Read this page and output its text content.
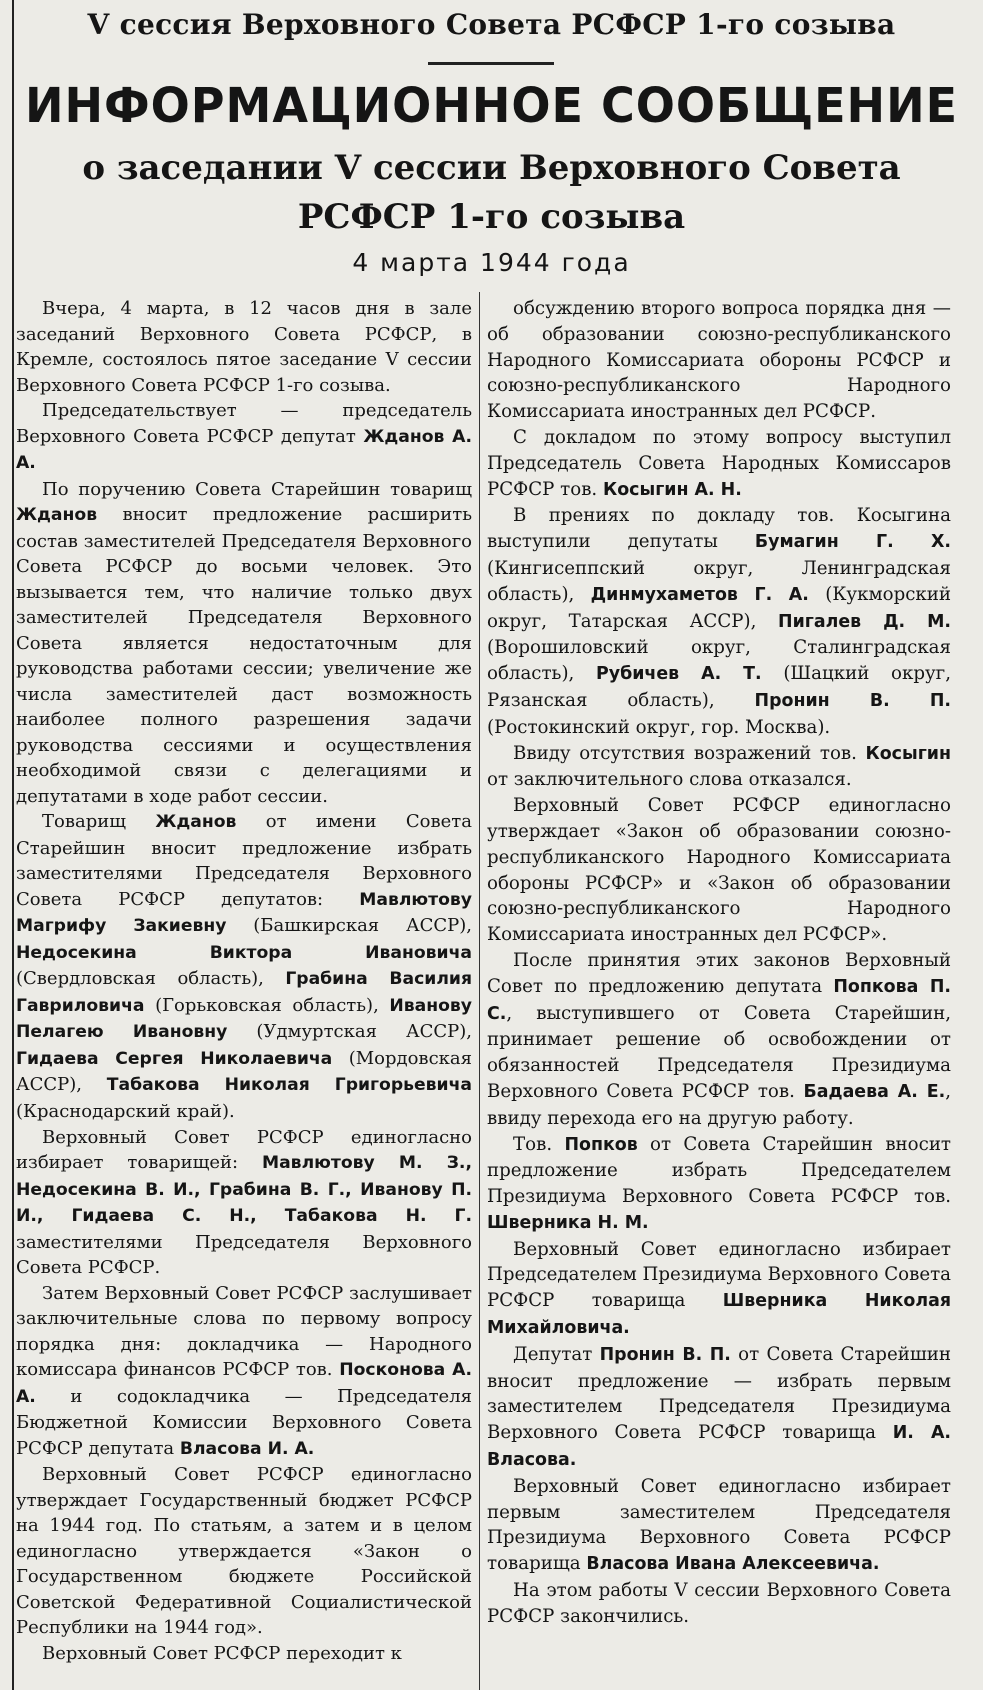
V сессия Верховного Совета РСФСР 1-го созыва
ИНФОРМАЦИОННОЕ СООБЩЕНИЕ
о заседании V сессии Верховного Совета
РСФСР 1-го созыва
4 марта 1944 года

Вчера, 4 марта, в 12 часов дня в зале заседаний Верховного Совета РСФСР, в Кремле, состоялось пятое заседание V сессии Верховного Совета РСФСР 1-го созыва.

Председательствует — председатель Верховного Совета РСФСР депутат Жданов А. А.

По поручению Совета Старейшин товарищ Жданов вносит предложение расширить состав заместителей Председателя Верховного Совета РСФСР до восьми человек. Это вызывается тем, что наличие только двух заместителей Председателя Верховного Совета является недостаточным для руководства работами сессии; увеличение же числа заместителей даст возможность наиболее полного разрешения задачи руководства сессиями и осуществления необходимой связи с делегациями и депутатами в ходе работ сессии.

Товарищ Жданов от имени Совета Старейшин вносит предложение избрать заместителями Председателя Верховного Совета РСФСР депутатов: Мавлютову Магрифу Закиевну (Башкирская АССР), Недосекина Виктора Ивановича (Свердловская область), Грабина Василия Гавриловича (Горьковская область), Иванову Пелагею Ивановну (Удмуртская АССР), Гидаева Сергея Николаевича (Мордовская АССР), Табакова Николая Григорьевича (Краснодарский край).

Верховный Совет РСФСР единогласно избирает товарищей: Мавлютову М. З., Недосекина В. И., Грабина В. Г., Иванову П. И., Гидаева С. Н., Табакова Н. Г. заместителями Председателя Верховного Совета РСФСР.

Затем Верховный Совет РСФСР заслушивает заключительные слова по первому вопросу порядка дня: докладчика — Народного комиссара финансов РСФСР тов. Посконова А. А. и содокладчика — Председателя Бюджетной Комиссии Верховного Совета РСФСР депутата Власова И. А.

Верховный Совет РСФСР единогласно утверждает Государственный бюджет РСФСР на 1944 год. По статьям, а затем и в целом единогласно утверждается «Закон о Государственном бюджете Российской Советской Федеративной Социалистической Республики на 1944 год».

Верховный Совет РСФСР переходит к

обсуждению второго вопроса порядка дня — об образовании союзно-республиканского Народного Комиссариата обороны РСФСР и союзно-республиканского Народного Комиссариата иностранных дел РСФСР.

С докладом по этому вопросу выступил Председатель Совета Народных Комиссаров РСФСР тов. Косыгин А. Н.

В прениях по докладу тов. Косыгина выступили депутаты Бумагин Г. Х. (Кингисеппский округ, Ленинградская область), Динмухаметов Г. А. (Кукморский округ, Татарская АССР), Пигалев Д. М. (Ворошиловский округ, Сталинградская область), Рубичев А. Т. (Шацкий округ, Рязанская область), Пронин В. П. (Ростокинский округ, гор. Москва).

Ввиду отсутствия возражений тов. Косыгин от заключительного слова отказался.

Верховный Совет РСФСР единогласно утверждает «Закон об образовании союзно-республиканского Народного Комиссариата обороны РСФСР» и «Закон об образовании союзно-республиканского Народного Комиссариата иностранных дел РСФСР».

После принятия этих законов Верховный Совет по предложению депутата Попкова П. С., выступившего от Совета Старейшин, принимает решение об освобождении от обязанностей Председателя Президиума Верховного Совета РСФСР тов. Бадаева А. Е., ввиду перехода его на другую работу.

Тов. Попков от Совета Старейшин вносит предложение избрать Председателем Президиума Верховного Совета РСФСР тов. Шверника Н. М.

Верховный Совет единогласно избирает Председателем Президиума Верховного Совета РСФСР товарища Шверника Николая Михайловича.

Депутат Пронин В. П. от Совета Старейшин вносит предложение — избрать первым заместителем Председателя Президиума Верховного Совета РСФСР товарища И. А. Власова.

Верховный Совет единогласно избирает первым заместителем Председателя Президиума Верховного Совета РСФСР товарища Власова Ивана Алексеевича.

На этом работы V сессии Верховного Совета РСФСР закончились.
